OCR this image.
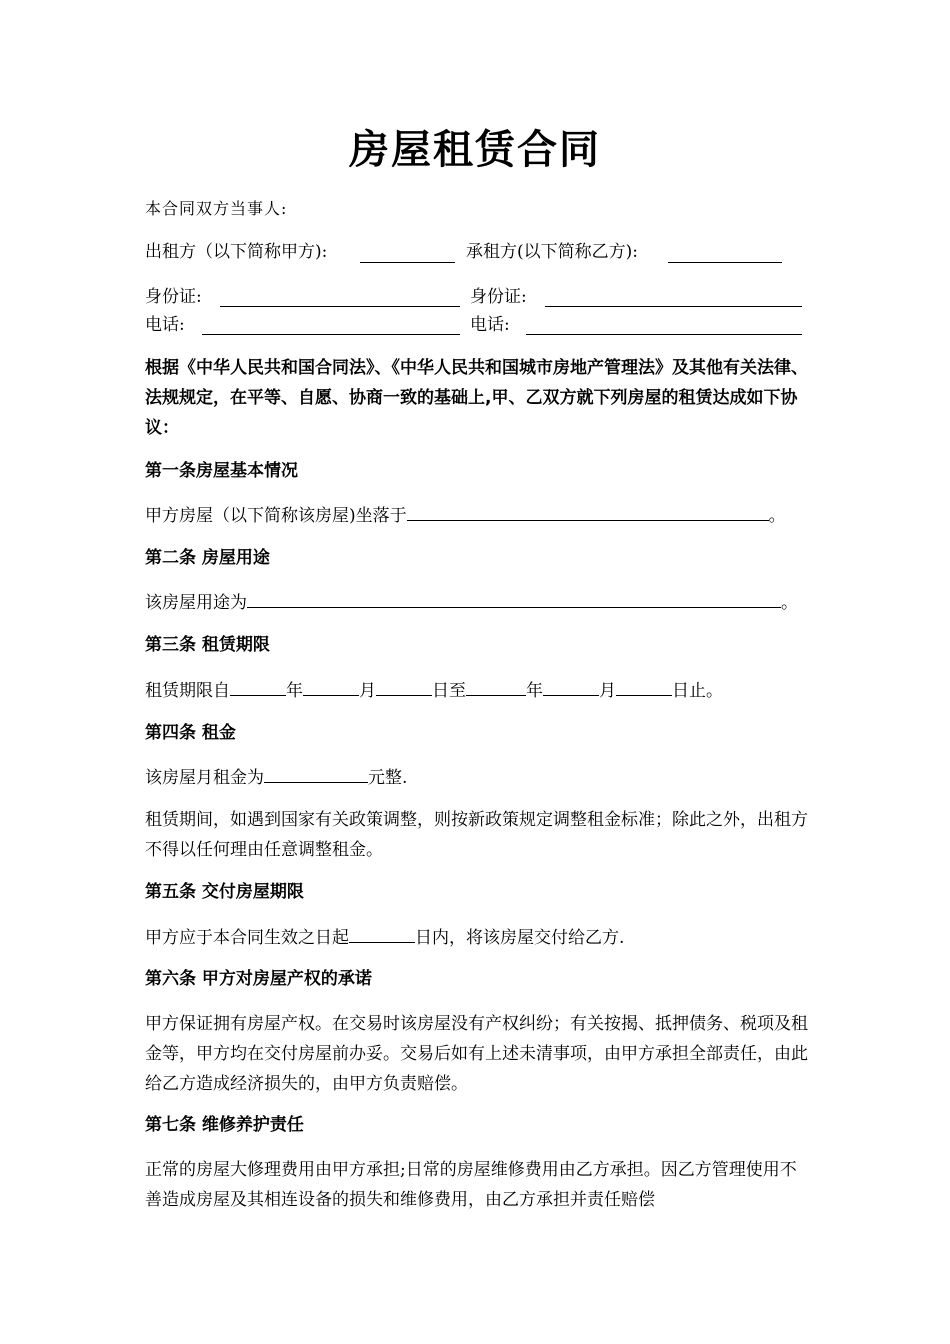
房屋租赁合同
本合同双方当事人:
出租方（以下简称甲方):	承租方(以下简称乙方):
身份证:	身份证:
电话:	电话:
根据《中华人民共和国合同法》、《中华人民共和国城市房地产管理法》及其他有关法律、法规规定，在平等、自愿、协商一致的基础上,甲、乙双方就下列房屋的租赁达成如下协议：
第一条房屋基本情况
甲方房屋（以下简称该房屋)坐落于	。
第二条 房屋用途
该房屋用途为	。
第三条 租赁期限
租赁期限自	年	月	日至	年	月	日止。
第四条 租金
该房屋月租金为	元整.
租赁期间，如遇到国家有关政策调整，则按新政策规定调整租金标准；除此之外，出租方不得以任何理由任意调整租金。
第五条 交付房屋期限
甲方应于本合同生效之日起	日内，将该房屋交付给乙方.
第六条 甲方对房屋产权的承诺
甲方保证拥有房屋产权。在交易时该房屋没有产权纠纷；有关按揭、抵押债务、税项及租金等，甲方均在交付房屋前办妥。交易后如有上述未清事项，由甲方承担全部责任，由此给乙方造成经济损失的，由甲方负责赔偿。
第七条 维修养护责任
正常的房屋大修理费用由甲方承担;日常的房屋维修费用由乙方承担。因乙方管理使用不善造成房屋及其相连设备的损失和维修费用，由乙方承担并责任赔偿
